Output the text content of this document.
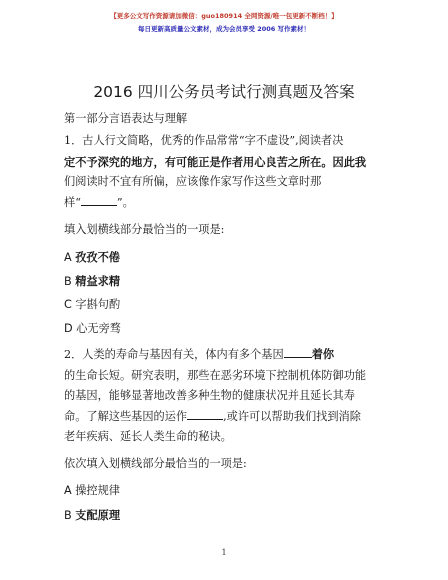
【更多公文写作资源请加微信：guo180914 全网资源/唯一包更新不断档！】
每日更新高质量公文素材，成为会员享受 2006 写作素材！
2016 四川公务员考试行测真题及答案
第一部分言语表达与理解
1．古人行文简略，优秀的作品常常“字不虚设”,阅读者决
定不予深究的地方，有可能正是作者用心良苦之所在。因此我
们阅读时不宜有所偏，应该像作家写作这些文章时那
样“	”。
填入划横线部分最恰当的一项是:
A 孜孜不倦
B 精益求精
C 字斟句酌
D 心无旁骛
2．人类的寿命与基因有关，体内有多个基因	着你
的生命长短。研究表明，那些在恶劣环境下控制机体防御功能
的基因，能够显著地改善多种生物的健康状况并且延长其寿
命。了解这些基因的运作	,或许可以帮助我们找到消除
老年疾病、延长人类生命的秘诀。
依次填入划横线部分最恰当的一项是:
A 操控规律
B 支配原理
1
